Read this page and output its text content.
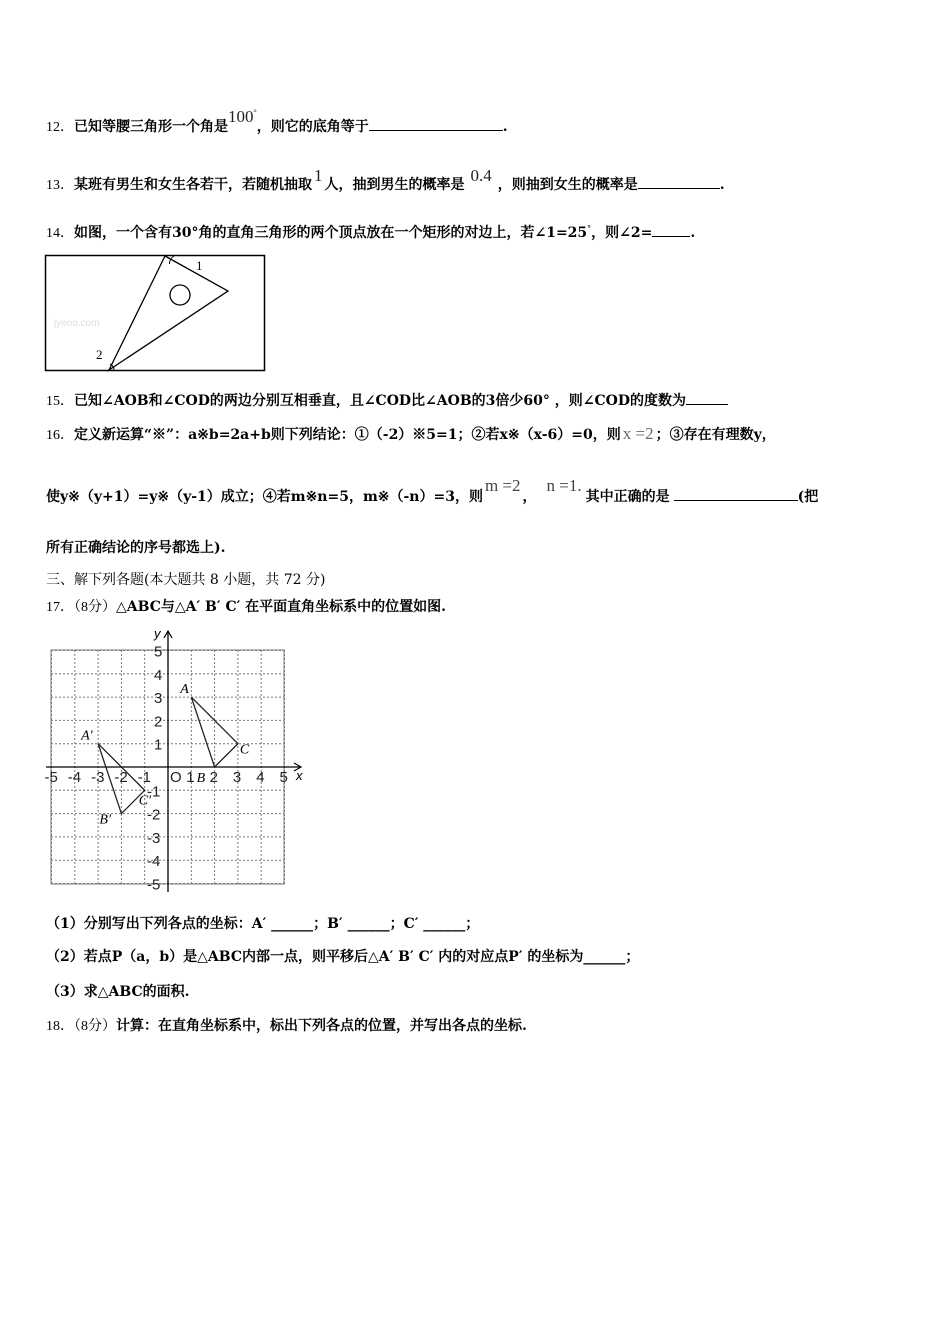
12．已知等腰三角形一个角是100°，则它的底角等于	.
13．某班有男生和女生各若干，若随机抽取 1 人，抽到男生的概率是 0.4 ，则抽到女生的概率是	.
14．如图，一个含有30°角的直角三角形的两个顶点放在一个矩形的对边上，若∠1=25°，则∠2=	.
1
2
jyeoo.com
15．已知∠AOB和∠COD的两边分别互相垂直，且∠COD比∠AOB的3倍少60° ，则∠COD的度数为
16．定义新运算“※”：a※b=2a+b则下列结论：①（-2）※5=1；②若x※（x-6）=0，则 x =2 ；③存在有理数y，
使y※（y+1）=y※（y-1）成立；④若m※n=5，m※（-n）=3，则m =2，n =1.其中正确的是	(把
所有正确结论的序号都选上).
三、解下列各题(本大题共 8 小题，共 72 分)
17．（8分）△ABC与△A′ B′ C′ 在平面直角坐标系中的位置如图.
x
y
-5 -4 -3 -2 -1 O 1 2 3 4 5
5
4
3
2
1
-1
-2
-3
-4
-5
A
B
C
A′
B′
C′
（1）分别写出下列各点的坐标：A′ ______；B′ ______；C′ ______；
（2）若点P（a，b）是△ABC内部一点，则平移后△A′ B′ C′ 内的对应点P′ 的坐标为______；
（3）求△ABC的面积.
18．（8分）计算：在直角坐标系中，标出下列各点的位置，并写出各点的坐标.
